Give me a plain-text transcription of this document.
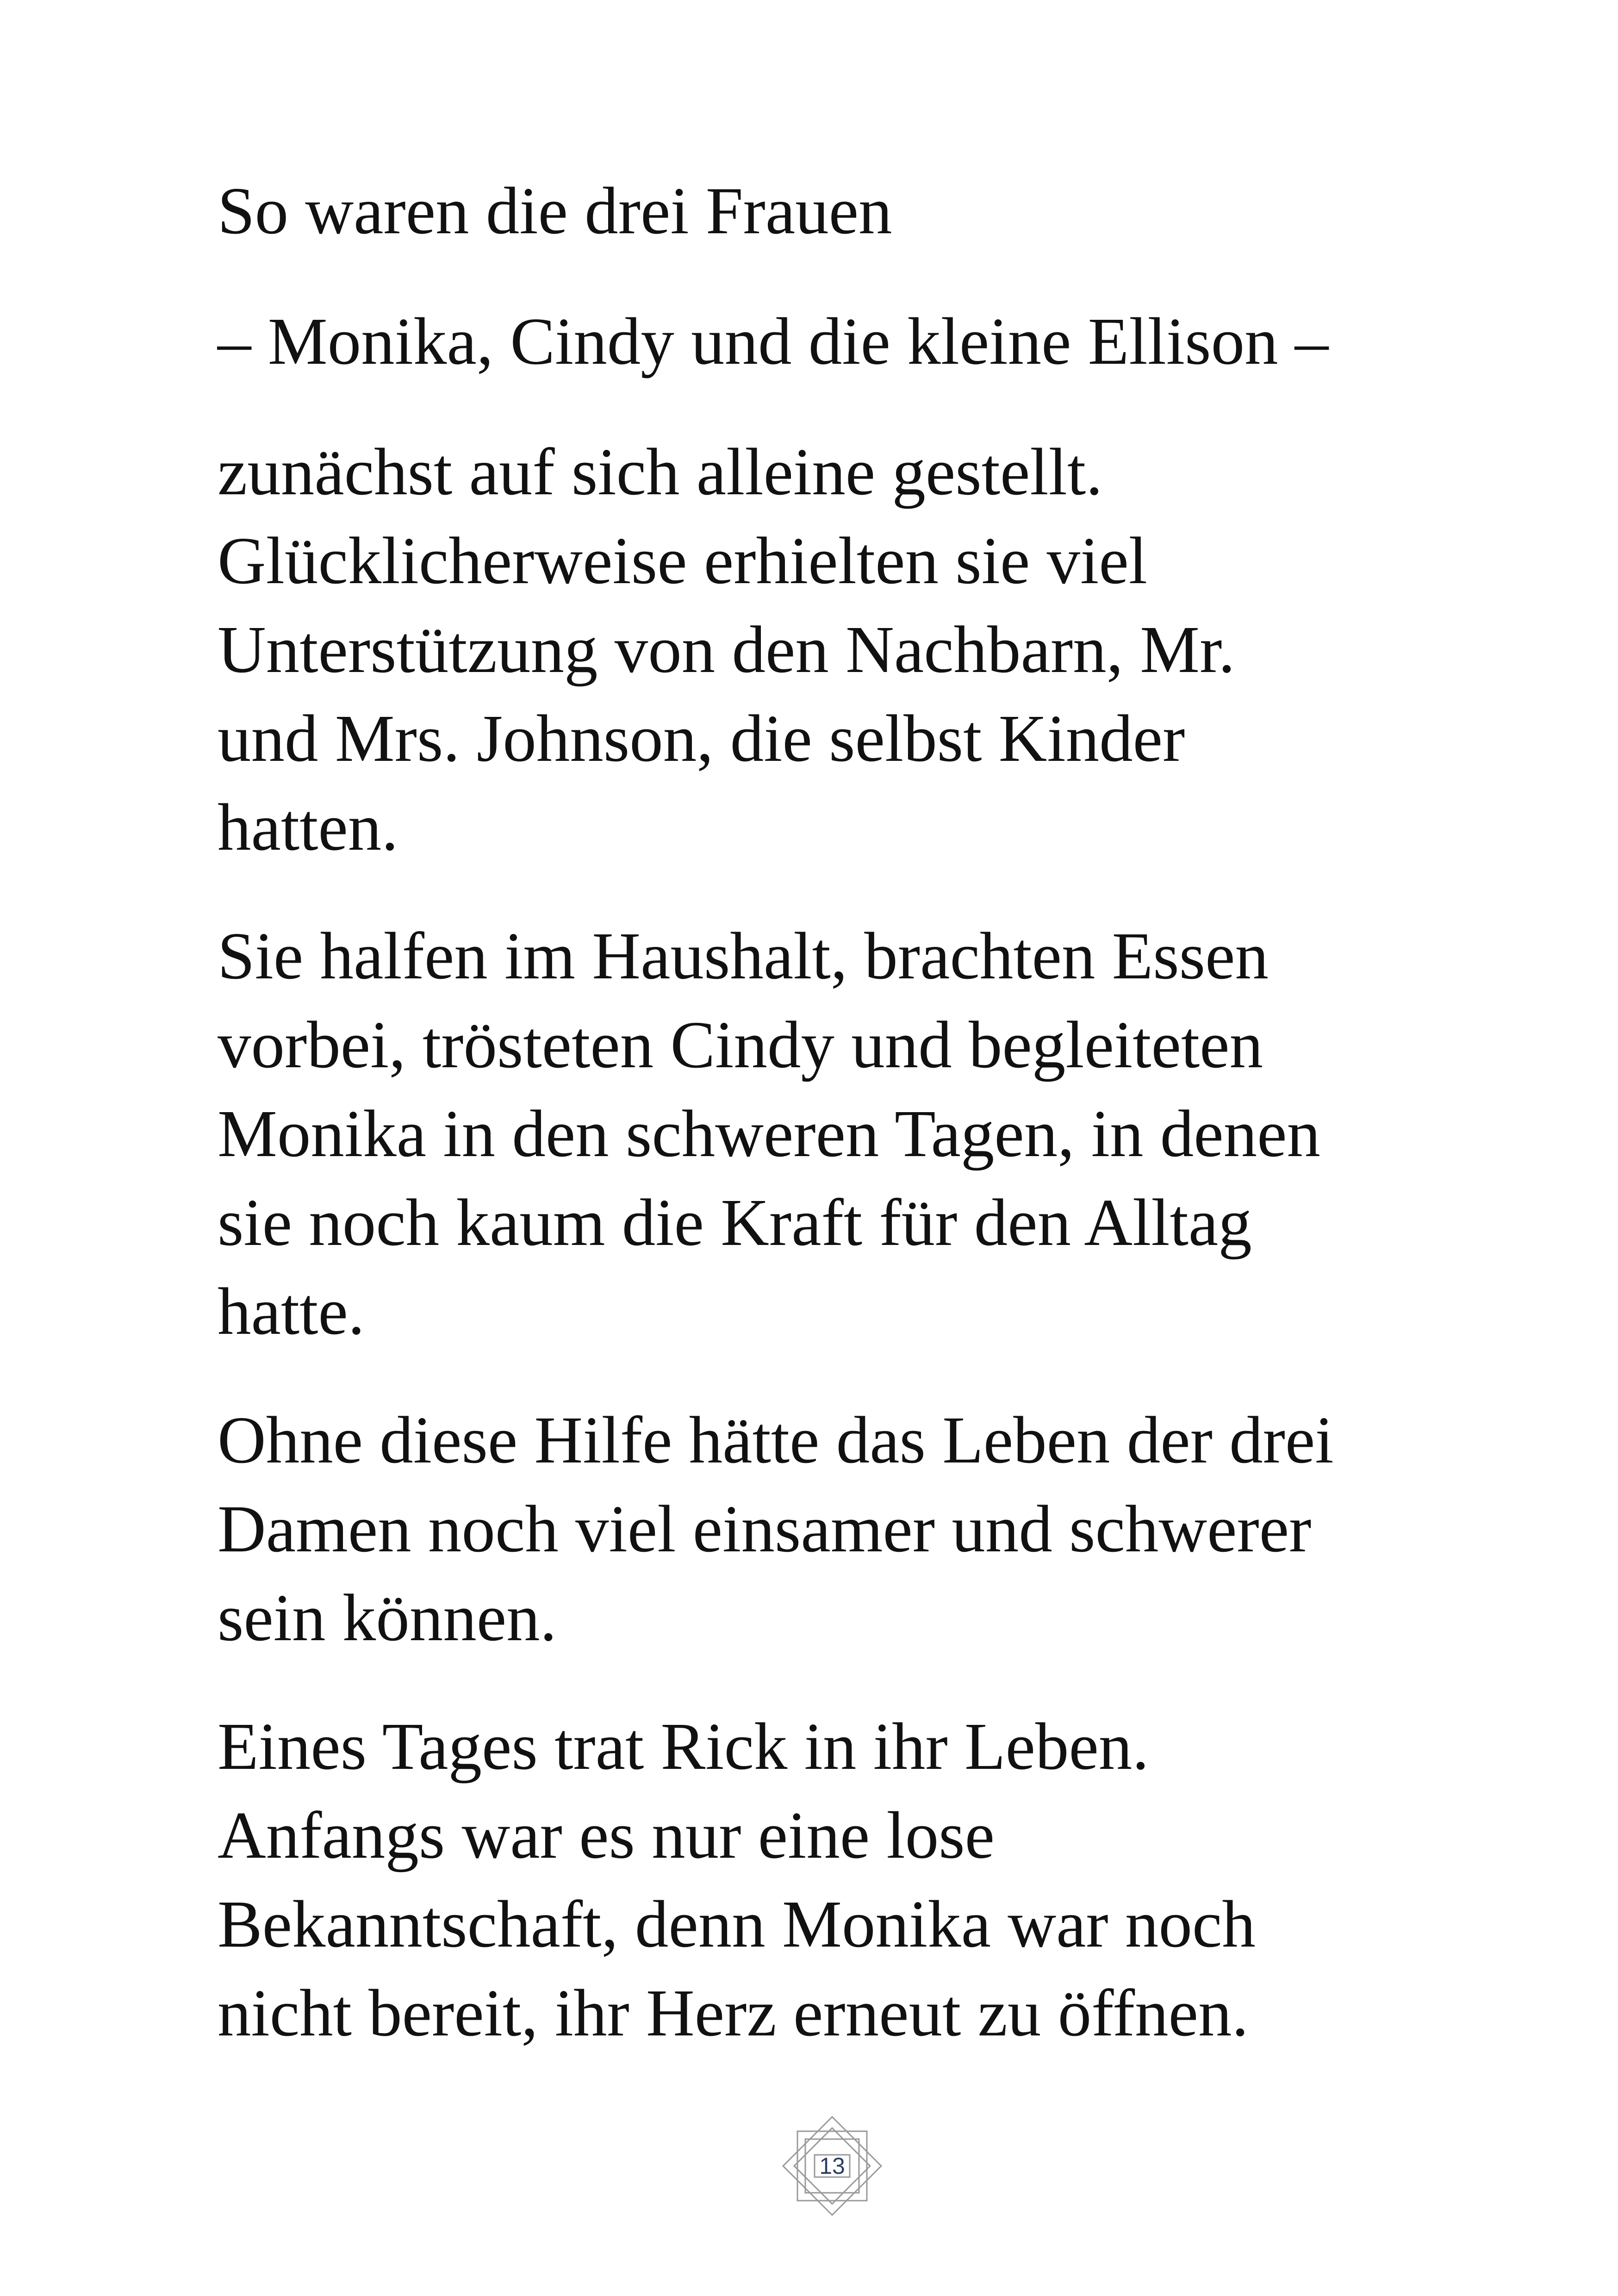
So waren die drei Frauen

– Monika, Cindy und die kleine Ellison –

zunächst auf sich alleine gestellt.

Glücklicherweise erhielten sie viel

Unterstützung von den Nachbarn, Mr.

und Mrs. Johnson, die selbst Kinder

hatten.

Sie halfen im Haushalt, brachten Essen

vorbei, trösteten Cindy und begleiteten

Monika in den schweren Tagen, in denen

sie noch kaum die Kraft für den Alltag

hatte.

Ohne diese Hilfe hätte das Leben der drei

Damen noch viel einsamer und schwerer

sein können.

Eines Tages trat Rick in ihr Leben.

Anfangs war es nur eine lose

Bekanntschaft, denn Monika war noch

nicht bereit, ihr Herz erneut zu öffnen.

13
